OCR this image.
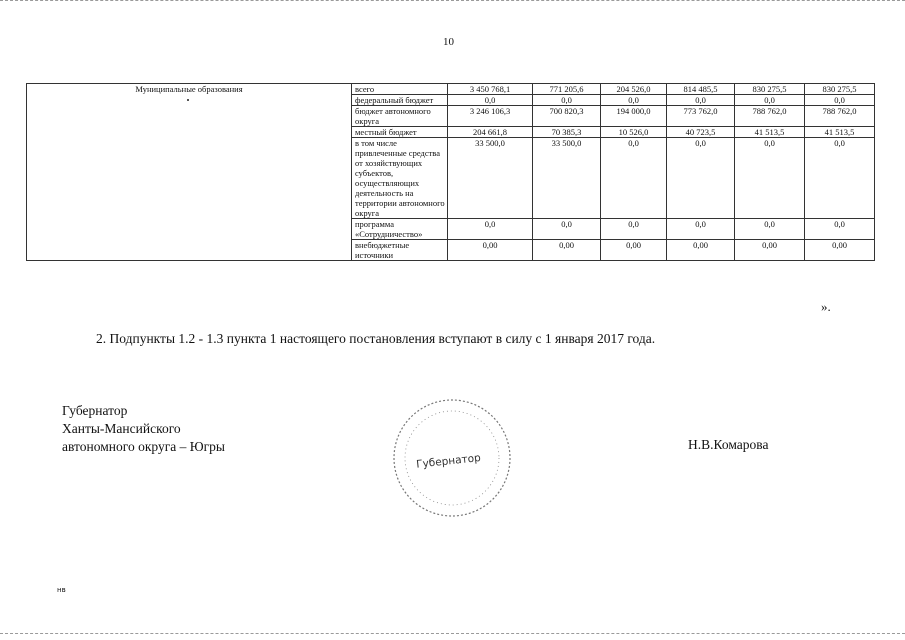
10
Муниципальные образования	всего	3 450 768,1	771 205,6	204 526,0	814 485,5	830 275,5	830 275,5
	федеральный бюджет	0,0	0,0	0,0	0,0	0,0	0,0
	бюджет автономного округа	3 246 106,3	700 820,3	194 000,0	773 762,0	788 762,0	788 762,0
	местный бюджет	204 661,8	70 385,3	10 526,0	40 723,5	41 513,5	41 513,5
	в том числе привлеченные средства от хозяйствующих субъектов, осуществляющих деятельность на территории автономного округа	33 500,0	33 500,0	0,0	0,0	0,0	0,0
	программа «Сотрудничество»	0,0	0,0	0,0	0,0	0,0	0,0
	внебюджетные источники	0,00	0,00	0,00	0,00	0,00	0,00
».
2. Подпункты 1.2 - 1.3 пункта 1 настоящего постановления вступают в силу с 1 января 2017 года.
Губернатор
Ханты-Мансийского
автономного округа – Югры
Губернатор
Н.В.Комарова
нв
